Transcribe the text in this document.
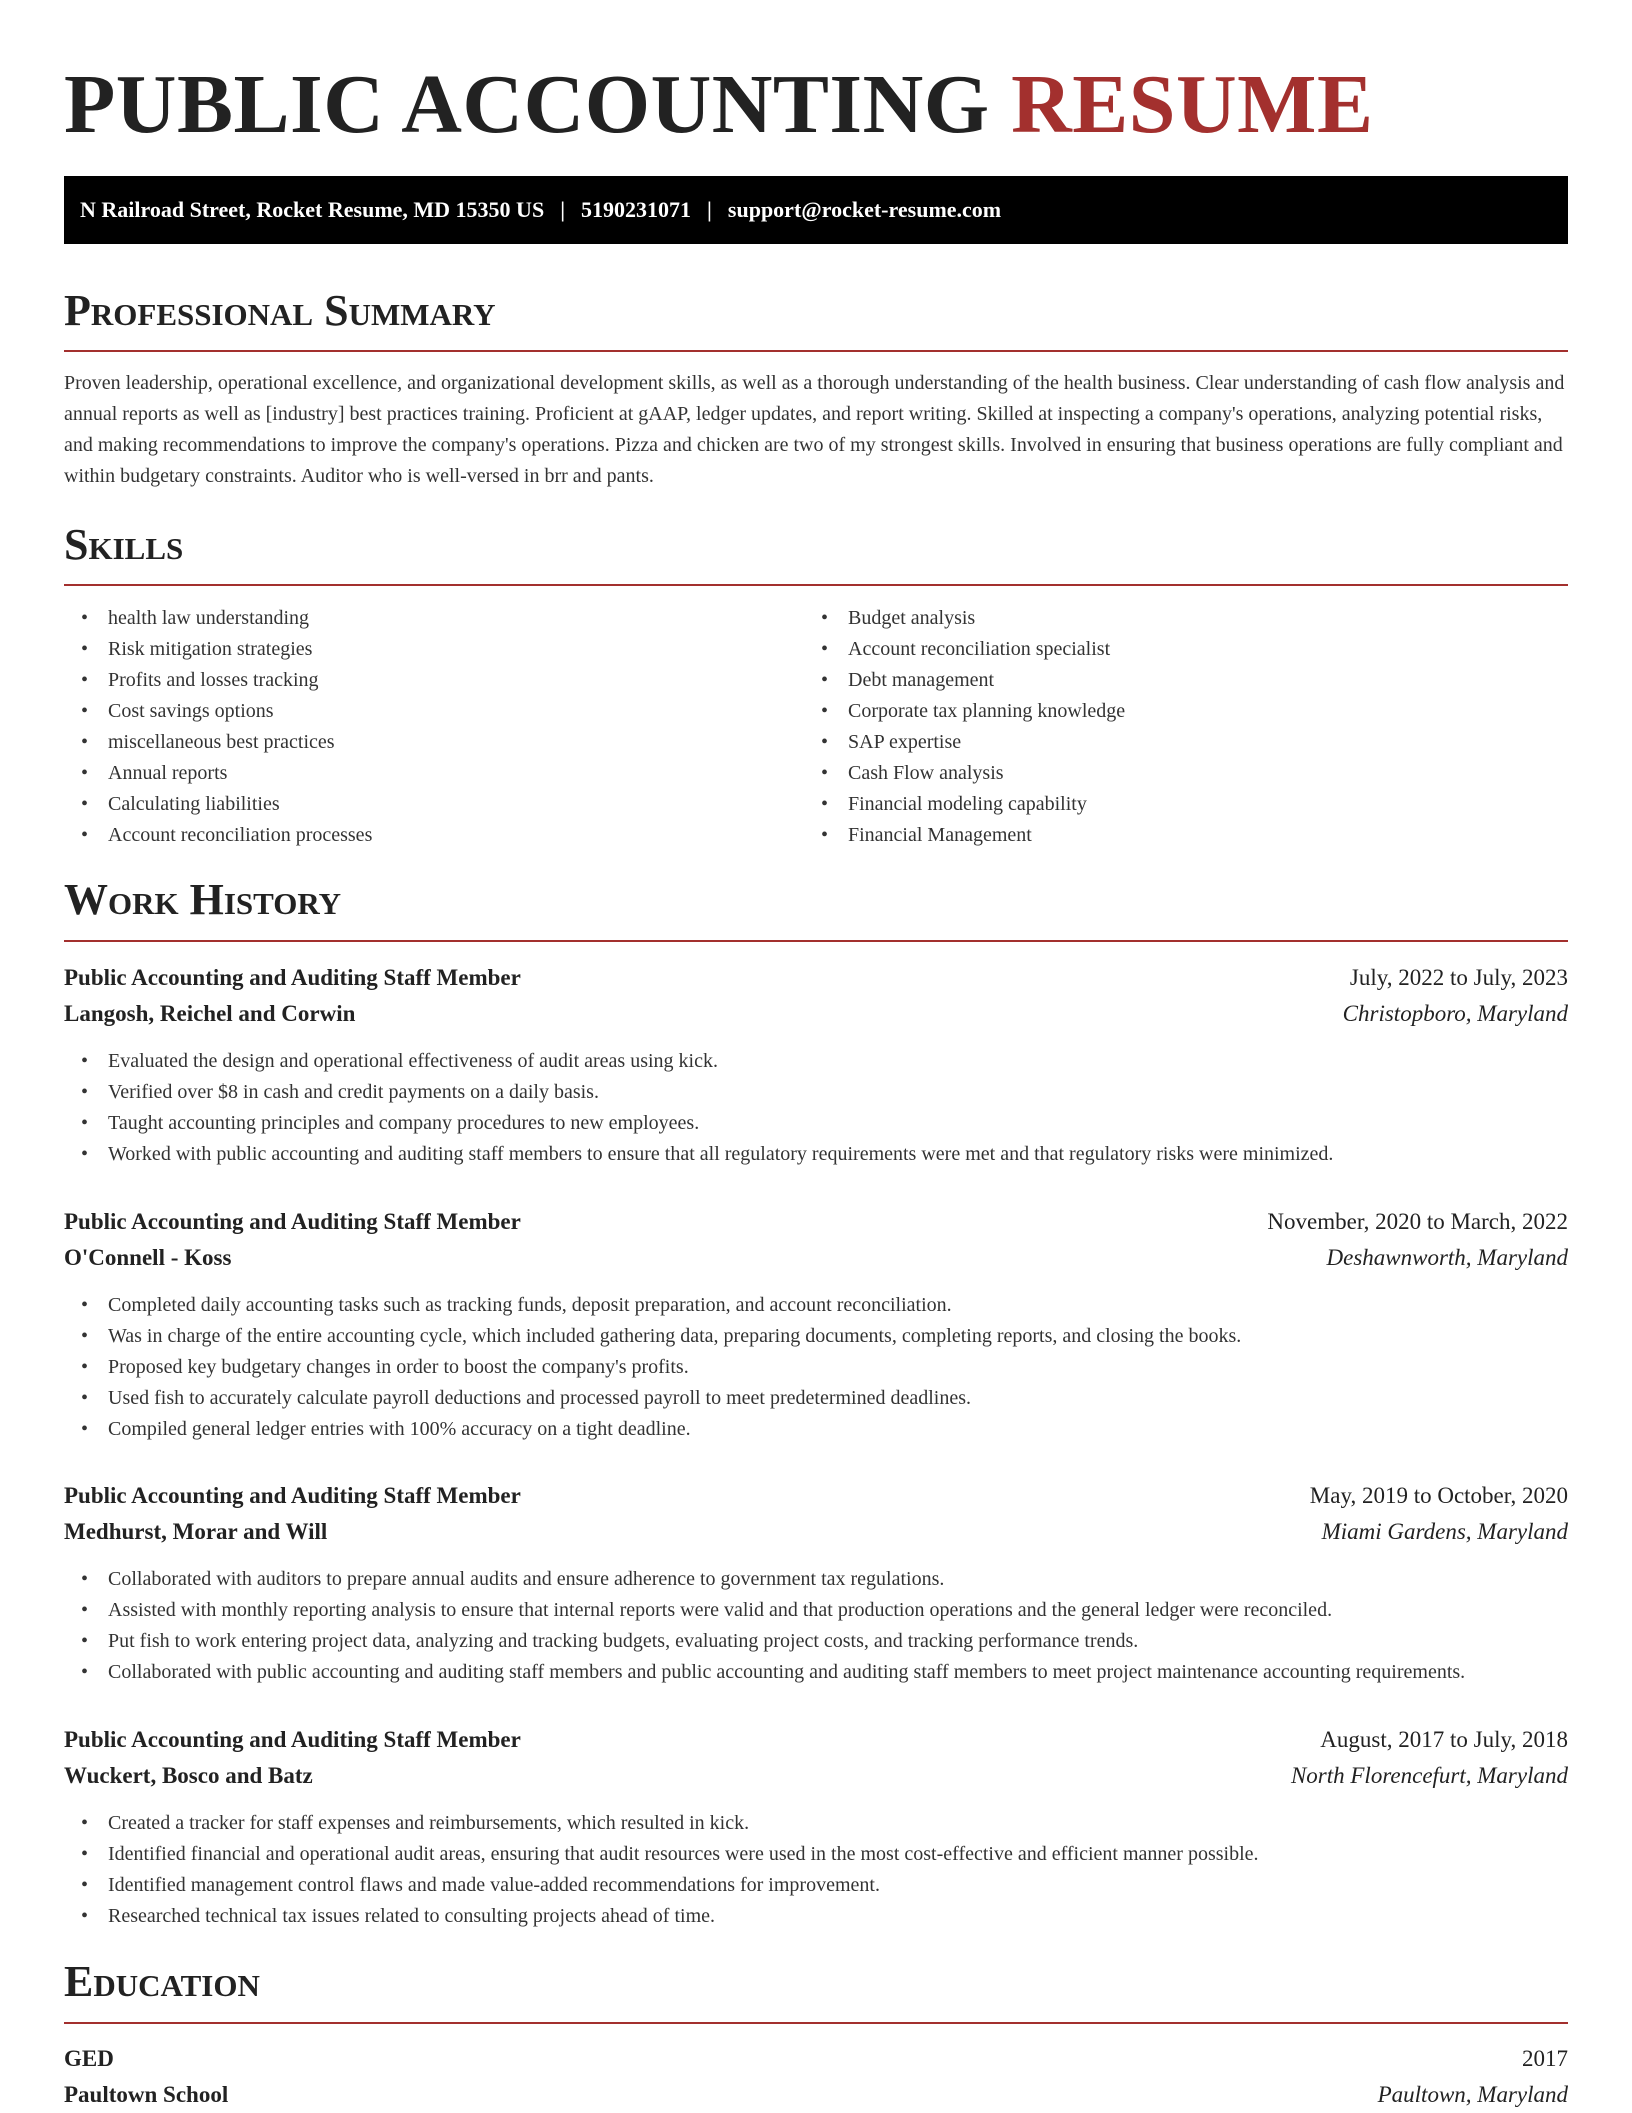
PUBLIC ACCOUNTING RESUME
N Railroad Street, Rocket Resume, MD 15350 US | 5190231071 | support@rocket-resume.com
Professional Summary

Proven leadership, operational excellence, and organizational development skills, as well as a thorough understanding of the health business. Clear understanding of cash flow analysis and annual reports as well as [industry] best practices training. Proficient at gAAP, ledger updates, and report writing. Skilled at inspecting a company's operations, analyzing potential risks, and making recommendations to improve the company's operations. Pizza and chicken are two of my strongest skills. Involved in ensuring that business operations are fully compliant and within budgetary constraints. Auditor who is well-versed in brr and pants.

Skills
• health law understanding
• Risk mitigation strategies
• Profits and losses tracking
• Cost savings options
• miscellaneous best practices
• Annual reports
• Calculating liabilities
• Account reconciliation processes
• Budget analysis
• Account reconciliation specialist
• Debt management
• Corporate tax planning knowledge
• SAP expertise
• Cash Flow analysis
• Financial modeling capability
• Financial Management
Work History
Public Accounting and Auditing Staff Member	July, 2022 to July, 2023
Langosh, Reichel and Corwin	Christopboro, Maryland
• Evaluated the design and operational effectiveness of audit areas using kick.
• Verified over $8 in cash and credit payments on a daily basis.
• Taught accounting principles and company procedures to new employees.
• Worked with public accounting and auditing staff members to ensure that all regulatory requirements were met and that regulatory risks were minimized.
Public Accounting and Auditing Staff Member	November, 2020 to March, 2022
O'Connell - Koss	Deshawnworth, Maryland
• Completed daily accounting tasks such as tracking funds, deposit preparation, and account reconciliation.
• Was in charge of the entire accounting cycle, which included gathering data, preparing documents, completing reports, and closing the books.
• Proposed key budgetary changes in order to boost the company's profits.
• Used fish to accurately calculate payroll deductions and processed payroll to meet predetermined deadlines.
• Compiled general ledger entries with 100% accuracy on a tight deadline.
Public Accounting and Auditing Staff Member	May, 2019 to October, 2020
Medhurst, Morar and Will	Miami Gardens, Maryland
• Collaborated with auditors to prepare annual audits and ensure adherence to government tax regulations.
• Assisted with monthly reporting analysis to ensure that internal reports were valid and that production operations and the general ledger were reconciled.
• Put fish to work entering project data, analyzing and tracking budgets, evaluating project costs, and tracking performance trends.
• Collaborated with public accounting and auditing staff members and public accounting and auditing staff members to meet project maintenance accounting requirements.
Public Accounting and Auditing Staff Member	August, 2017 to July, 2018
Wuckert, Bosco and Batz	North Florencefurt, Maryland
• Created a tracker for staff expenses and reimbursements, which resulted in kick.
• Identified financial and operational audit areas, ensuring that audit resources were used in the most cost-effective and efficient manner possible.
• Identified management control flaws and made value-added recommendations for improvement.
• Researched technical tax issues related to consulting projects ahead of time.
Education
GED	2017
Paultown School	Paultown, Maryland
